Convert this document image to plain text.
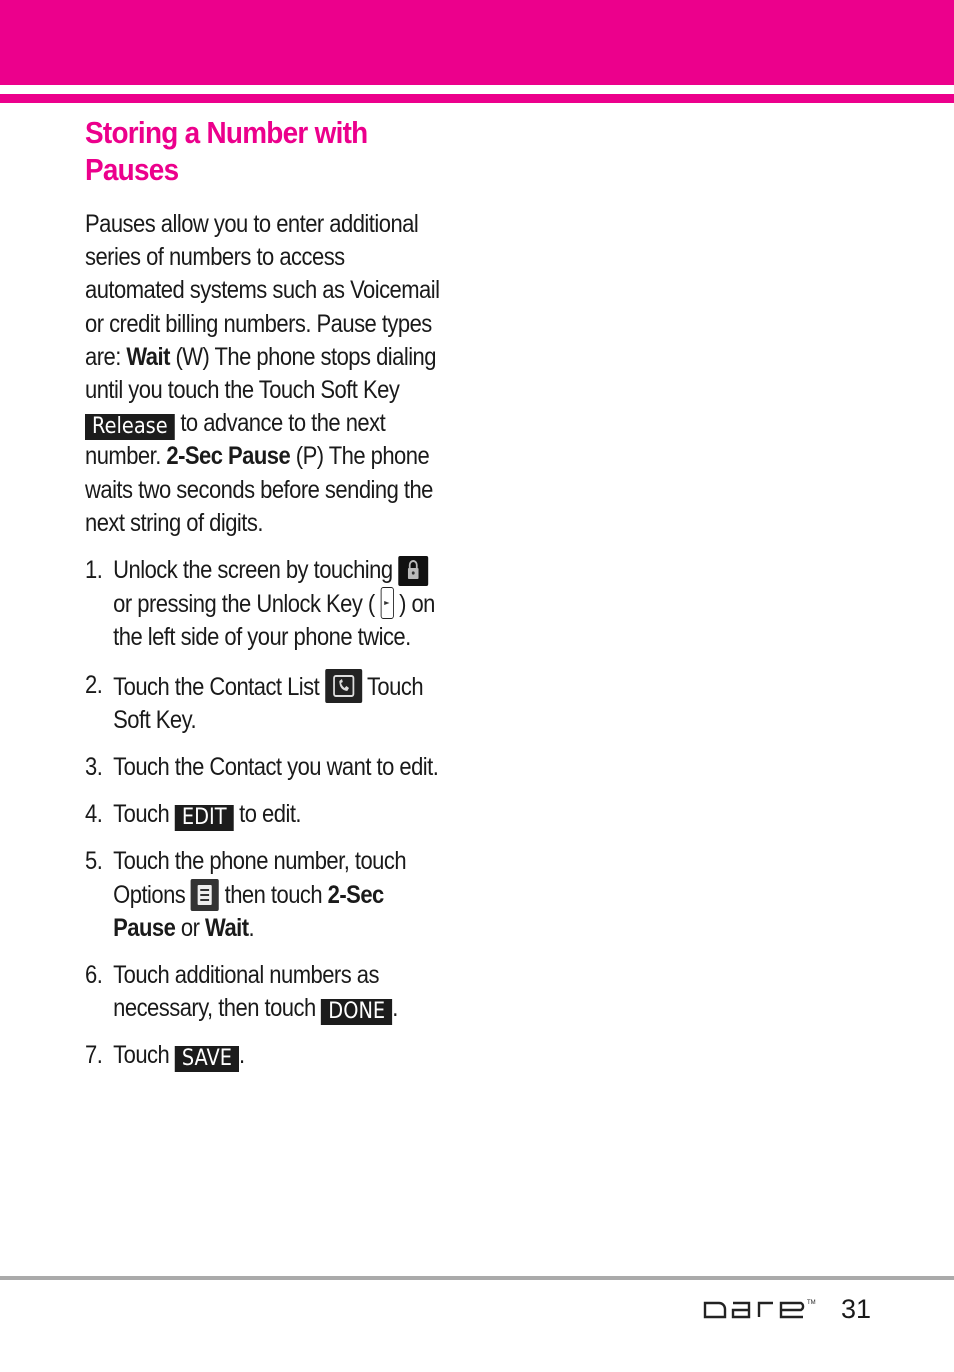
Storing a Number with Pauses

Pauses allow you to enter additional series of numbers to access automated systems such as Voicemail or credit billing numbers. Pause types are: Wait (W) The phone stops dialing until you touch the Touch Soft Key Release to advance to the next number. 2-Sec Pause (P) The phone waits two seconds before sending the next string of digits.

1. Unlock the screen by touching
or pressing the Unlock Key (
) on the left side of your phone twice.
2. Touch the Contact List
Touch Soft Key.
3. Touch the Contact you want to edit.
4. Touch EDIT to edit.
5. Touch the phone number, touch Options
then touch 2-Sec Pause or Wait.
6. Touch additional numbers as necessary, then touch DONE .
7. Touch SAVE .
TM 31
